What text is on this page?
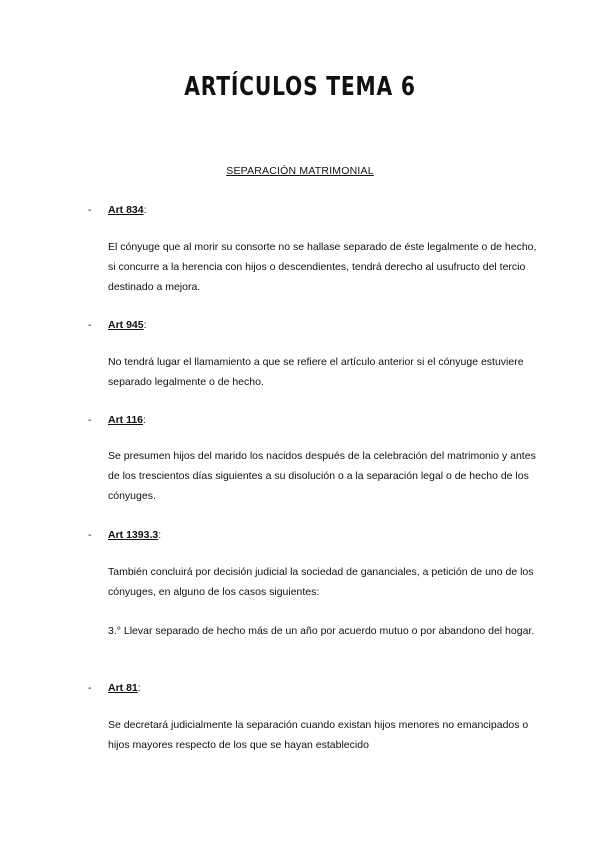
ARTÍCULOS TEMA 6
SEPARACIÓN MATRIMONIAL
- Art 834:
El cónyuge que al morir su consorte no se hallase separado de éste legalmente o de hecho, si concurre a la herencia con hijos o descendientes, tendrá derecho al usufructo del tercio destinado a mejora.
- Art 945:
No tendrá lugar el llamamiento a que se refiere el artículo anterior si el cónyuge estuviere separado legalmente o de hecho.
- Art 116:
Se presumen hijos del marido los nacidos después de la celebración del matrimonio y antes de los trescientos días siguientes a su disolución o a la separación legal o de hecho de los cónyuges.
- Art 1393.3:
También concluirá por decisión judicial la sociedad de gananciales, a petición de uno de los cónyuges, en alguno de los casos siguientes:
3.° Llevar separado de hecho más de un año por acuerdo mutuo o por abandono del hogar.
- Art 81:
Se decretará judicialmente la separación cuando existan hijos menores no emancipados o hijos mayores respecto de los que se hayan establecido
